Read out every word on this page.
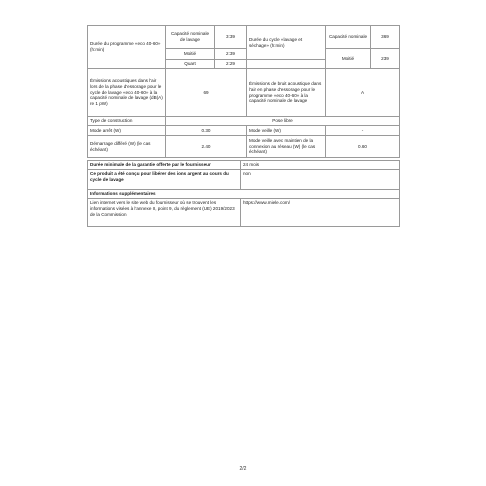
Durée du programme «eco 40-60» (h:min)	Capacité nominale de lavage	3:39	Durée du cycle «lavage et séchage» (h:min)	Capacité nominale	369
	Moitié	2:39		Moitié	239
	Quart	2:29			
Émissions acoustiques dans l'air lors de la phase d'essorage pour le cycle de lavage «eco 40-60» à la capacité nominale de lavage (dB(A) re 1 pW)	69		Émissions de bruit acoustique dans l'air en phase d'essorage pour le programme «eco 40-60» à la capacité nominale de lavage	A	
Type de construction	Pose libre				
Mode arrêt (W)	0.30		Mode veille (W)	-	
Démarrage différé (W) (le cas échéant)	2.40		Mode veille avec maintien de la connexion au réseau (W) (le cas échéant)	0.60	
Durée minimale de la garantie offerte par le fournisseur	24 mois
Ce produit a été conçu pour libérer des ions argent au cours du cycle de lavage	non
Informations supplémentaires	
Lien internet vers le site web du fournisseur où se trouvent les informations visées à l'annexe II, point 9, du règlement (UE) 2019/2023 de la Commission	https://www.miele.com/
2/2
